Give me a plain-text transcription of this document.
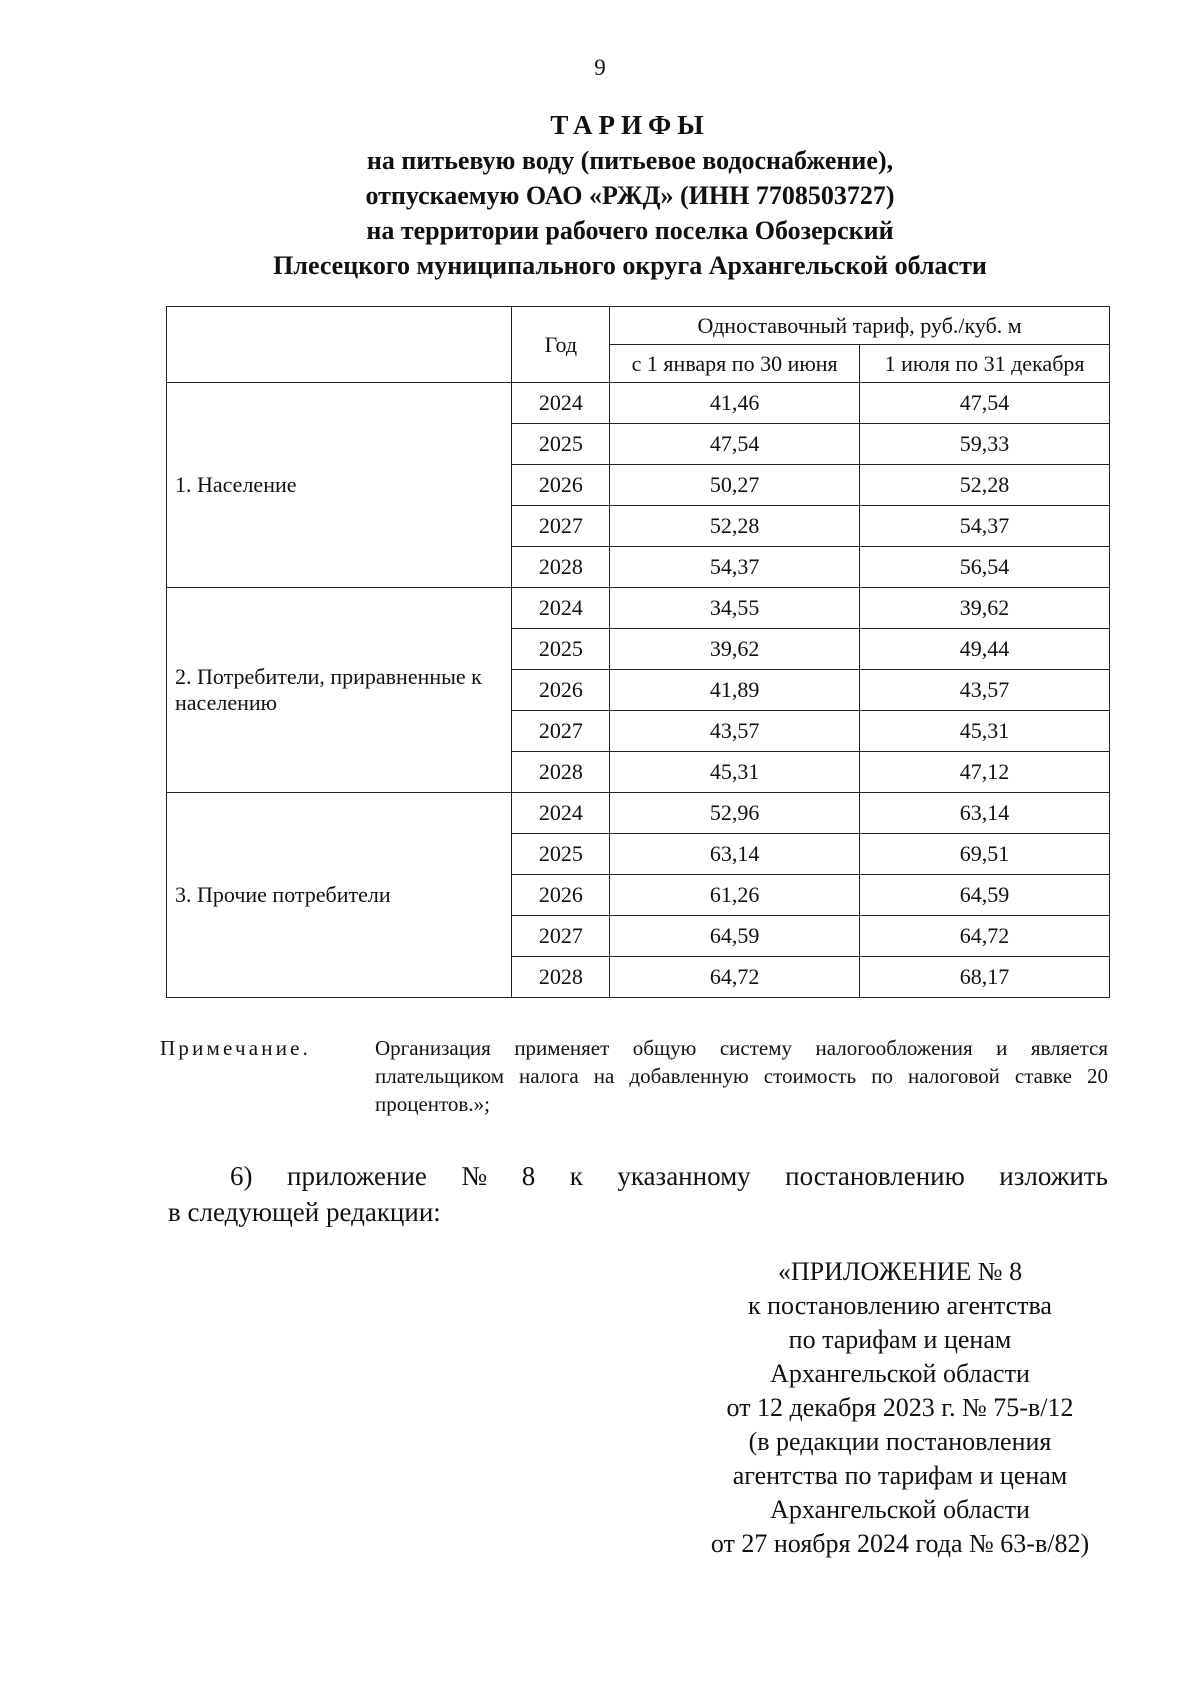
9
ТАРИФЫ
на питьевую воду (питьевое водоснабжение),
отпускаемую ОАО «РЖД» (ИНН 7708503727)
на территории рабочего поселка Обозерский
Плесецкого муниципального округа Архангельской области
	Год	Одноставочный тариф, руб./куб. м	
		с 1 января по 30 июня	1 июля по 31 декабря
1. Население	2024	41,46	47,54
	2025	47,54	59,33
	2026	50,27	52,28
	2027	52,28	54,37
	2028	54,37	56,54
2. Потребители, приравненные к населению	2024	34,55	39,62
	2025	39,62	49,44
	2026	41,89	43,57
	2027	43,57	45,31
	2028	45,31	47,12
3. Прочие потребители	2024	52,96	63,14
	2025	63,14	69,51
	2026	61,26	64,59
	2027	64,59	64,72
	2028	64,72	68,17
Примечание.	Организация применяет общую систему налогообложения и является плательщиком налога на добавленную стоимость по налоговой ставке 20 процентов.»;
6) приложение № 8 к указанному постановлению изложить
в следующей редакции:
«ПРИЛОЖЕНИЕ № 8
к постановлению агентства
по тарифам и ценам
Архангельской области
от 12 декабря 2023 г. № 75-в/12
(в редакции постановления
агентства по тарифам и ценам
Архангельской области
от 27 ноября 2024 года № 63-в/82)
